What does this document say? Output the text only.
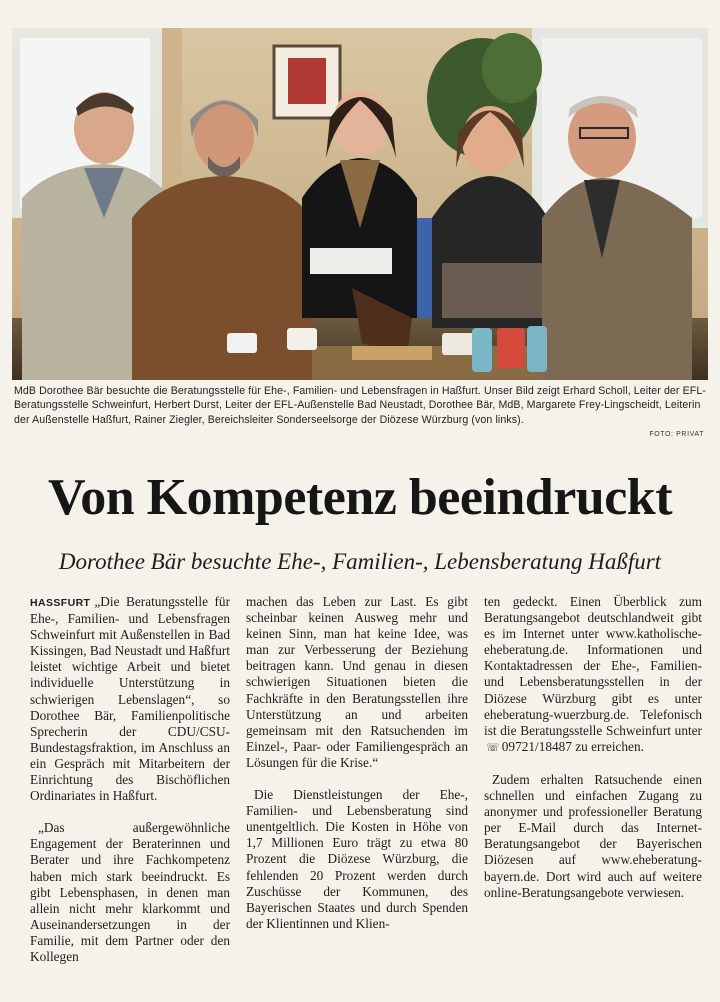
MdB Dorothee Bär besuchte die Beratungsstelle für Ehe-, Familien- und Lebensfragen in Haßfurt. Unser Bild zeigt Erhard Scholl, Leiter der EFL-Beratungsstelle Schweinfurt, Herbert Durst, Leiter der EFL-Außenstelle Bad Neustadt, Dorothee Bär, MdB, Margarete Frey-Lingscheidt, Leiterin der Außenstelle Haßfurt, Rainer Ziegler, Bereichsleiter Sonderseelsorge der Diözese Würzburg (von links).
FOTO: PRIVAT
Von Kompetenz beeindruckt
Dorothee Bär besuchte Ehe-, Familien-, Lebensberatung Haßfurt

HASSFURT „Die Beratungsstelle für Ehe-, Familien- und Lebensfragen Schweinfurt mit Außenstellen in Bad Kissingen, Bad Neustadt und Haßfurt leistet wichtige Arbeit und bietet individuelle Unterstützung in schwierigen Lebenslagen“, so Dorothee Bär, Familienpolitische Sprecherin der CDU/CSU-Bundestagsfraktion, im Anschluss an ein Gespräch mit Mitarbeitern der Einrichtung des Bischöflichen Ordinariates in Haßfurt.

„Das außergewöhnliche Engagement der Beraterinnen und Berater und ihre Fachkompetenz haben mich stark beeindruckt. Es gibt Lebensphasen, in denen man allein nicht mehr klarkommt und Auseinandersetzungen in der Familie, mit dem Partner oder den Kollegen

machen das Leben zur Last. Es gibt scheinbar keinen Ausweg mehr und keinen Sinn, man hat keine Idee, was man zur Verbesserung der Beziehung beitragen kann. Und genau in diesen schwierigen Situationen bieten die Fachkräfte in den Beratungsstellen ihre Unterstützung an und arbeiten gemeinsam mit den Ratsuchenden im Einzel-, Paar- oder Familiengespräch an Lösungen für die Krise.“

Die Dienstleistungen der Ehe-, Familien- und Lebensberatung sind unentgeltlich. Die Kosten in Höhe von 1,7 Millionen Euro trägt zu etwa 80 Prozent die Diözese Würzburg, die fehlenden 20 Prozent werden durch Zuschüsse der Kommunen, des Bayerischen Staates und durch Spenden der Klientinnen und Klien-

ten gedeckt. Einen Überblick zum Beratungsangebot deutschlandweit gibt es im Internet unter www.katholische-eheberatung.de. Informationen und Kontaktadressen der Ehe-, Familien- und Lebensberatungsstellen in der Diözese Würzburg gibt es unter eheberatung-wuerzburg.de. Telefonisch ist die Beratungsstelle Schweinfurt unter ☏ 09721/18487 zu erreichen.

Zudem erhalten Ratsuchende einen schnellen und einfachen Zugang zu anonymer und professioneller Beratung per E-Mail durch das Internet-Beratungsangebot der Bayerischen Diözesen auf www.eheberatung-bayern.de. Dort wird auch auf weitere online-Beratungsangebote verwiesen.
